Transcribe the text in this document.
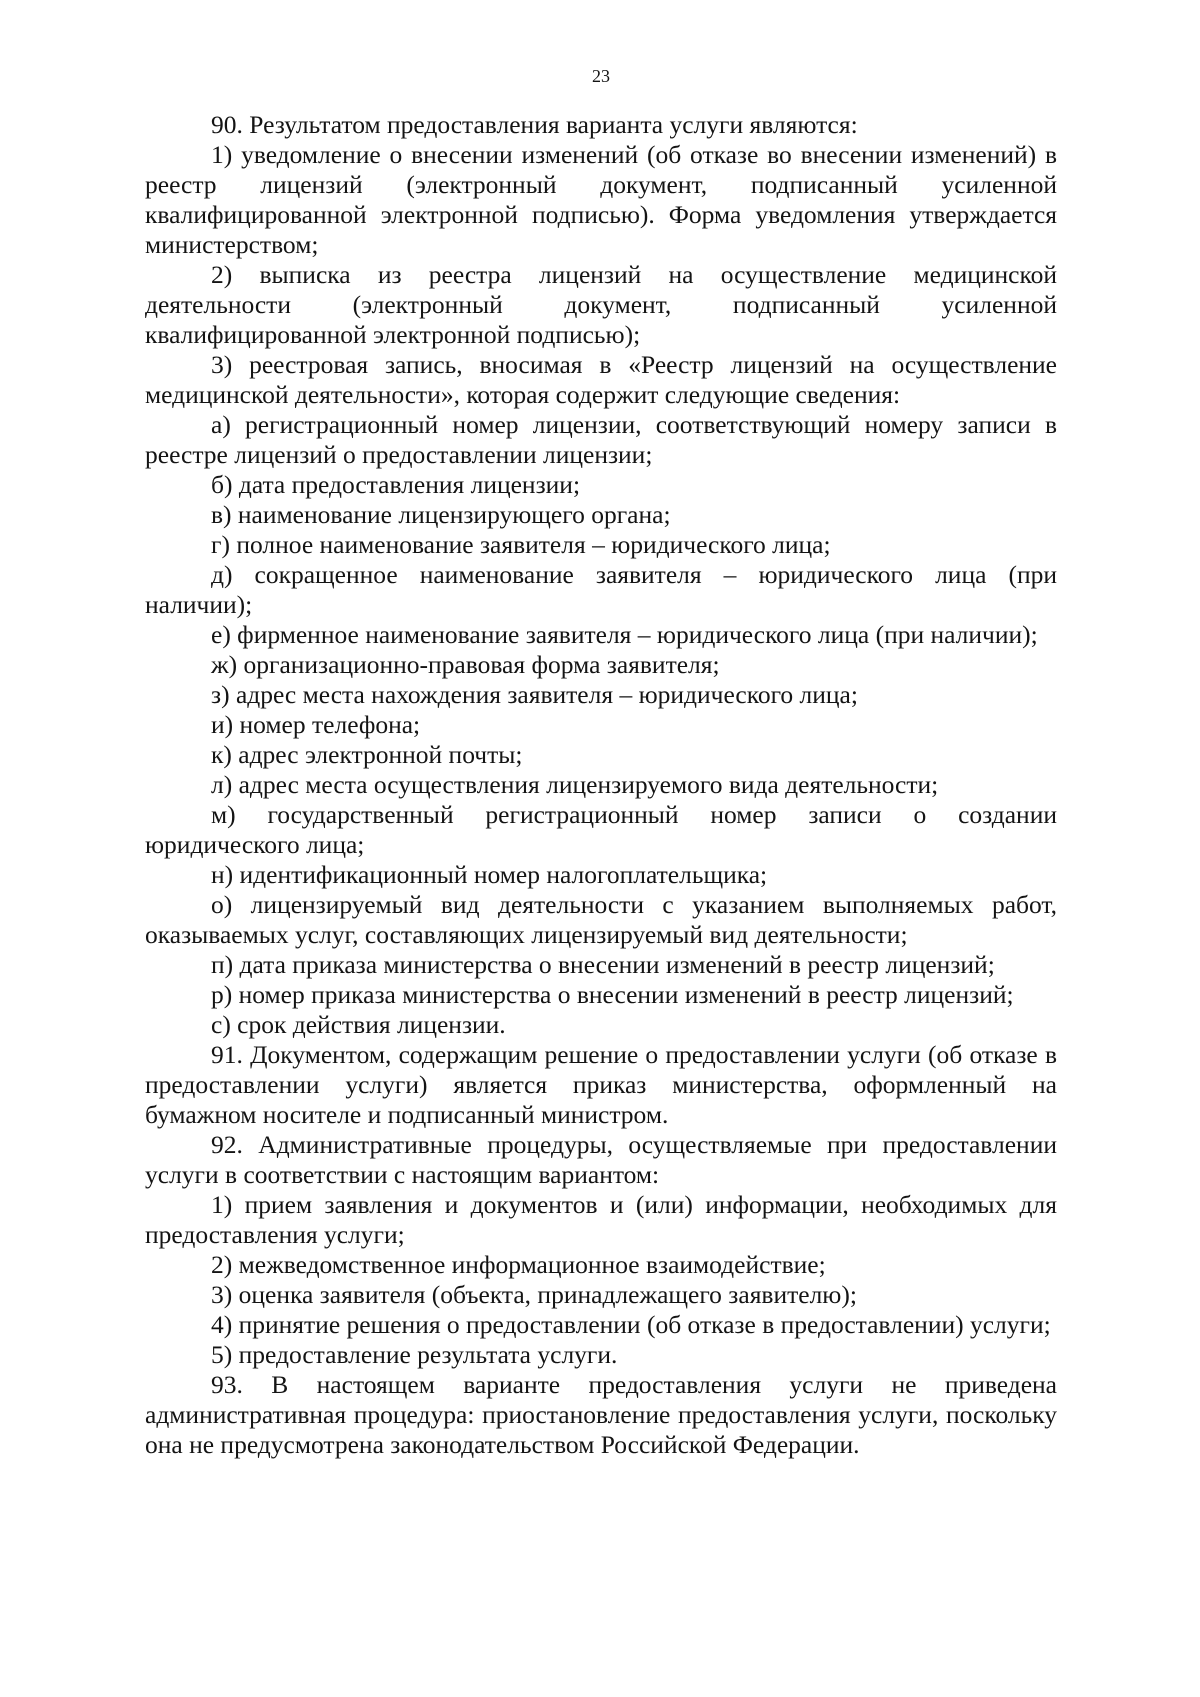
23

90. Результатом предоставления варианта услуги являются:

1) уведомление о внесении изменений (об отказе во внесении изменений) в реестр лицензий (электронный документ, подписанный усиленной квалифицированной электронной подписью). Форма уведомления утверждается министерством;

2) выписка из реестра лицензий на осуществление медицинской деятельности (электронный документ, подписанный усиленной квалифицированной электронной подписью);

3) реестровая запись, вносимая в «Реестр лицензий на осуществление медицинской деятельности», которая содержит следующие сведения:

а) регистрационный номер лицензии, соответствующий номеру записи в реестре лицензий о предоставлении лицензии;

б) дата предоставления лицензии;

в) наименование лицензирующего органа;

г) полное наименование заявителя – юридического лица;

д) сокращенное наименование заявителя – юридического лица (при наличии);

е) фирменное наименование заявителя – юридического лица (при наличии);

ж) организационно-правовая форма заявителя;

з) адрес места нахождения заявителя – юридического лица;

и) номер телефона;

к) адрес электронной почты;

л) адрес места осуществления лицензируемого вида деятельности;

м) государственный регистрационный номер записи о создании юридического лица;

н) идентификационный номер налогоплательщика;

о) лицензируемый вид деятельности с указанием выполняемых работ, оказываемых услуг, составляющих лицензируемый вид деятельности;

п) дата приказа министерства о внесении изменений в реестр лицензий;

р) номер приказа министерства о внесении изменений в реестр лицензий;

с) срок действия лицензии.

91. Документом, содержащим решение о предоставлении услуги (об отказе в предоставлении услуги) является приказ министерства, оформленный на бумажном носителе и подписанный министром.

92. Административные процедуры, осуществляемые при предоставлении услуги в соответствии с настоящим вариантом:

1) прием заявления и документов и (или) информации, необходимых для предоставления услуги;

2) межведомственное информационное взаимодействие;

3) оценка заявителя (объекта, принадлежащего заявителю);

4) принятие решения о предоставлении (об отказе в предоставлении) услуги;

5) предоставление результата услуги.

93. В настоящем варианте предоставления услуги не приведена административная процедура: приостановление предоставления услуги, поскольку она не предусмотрена законодательством Российской Федерации.
